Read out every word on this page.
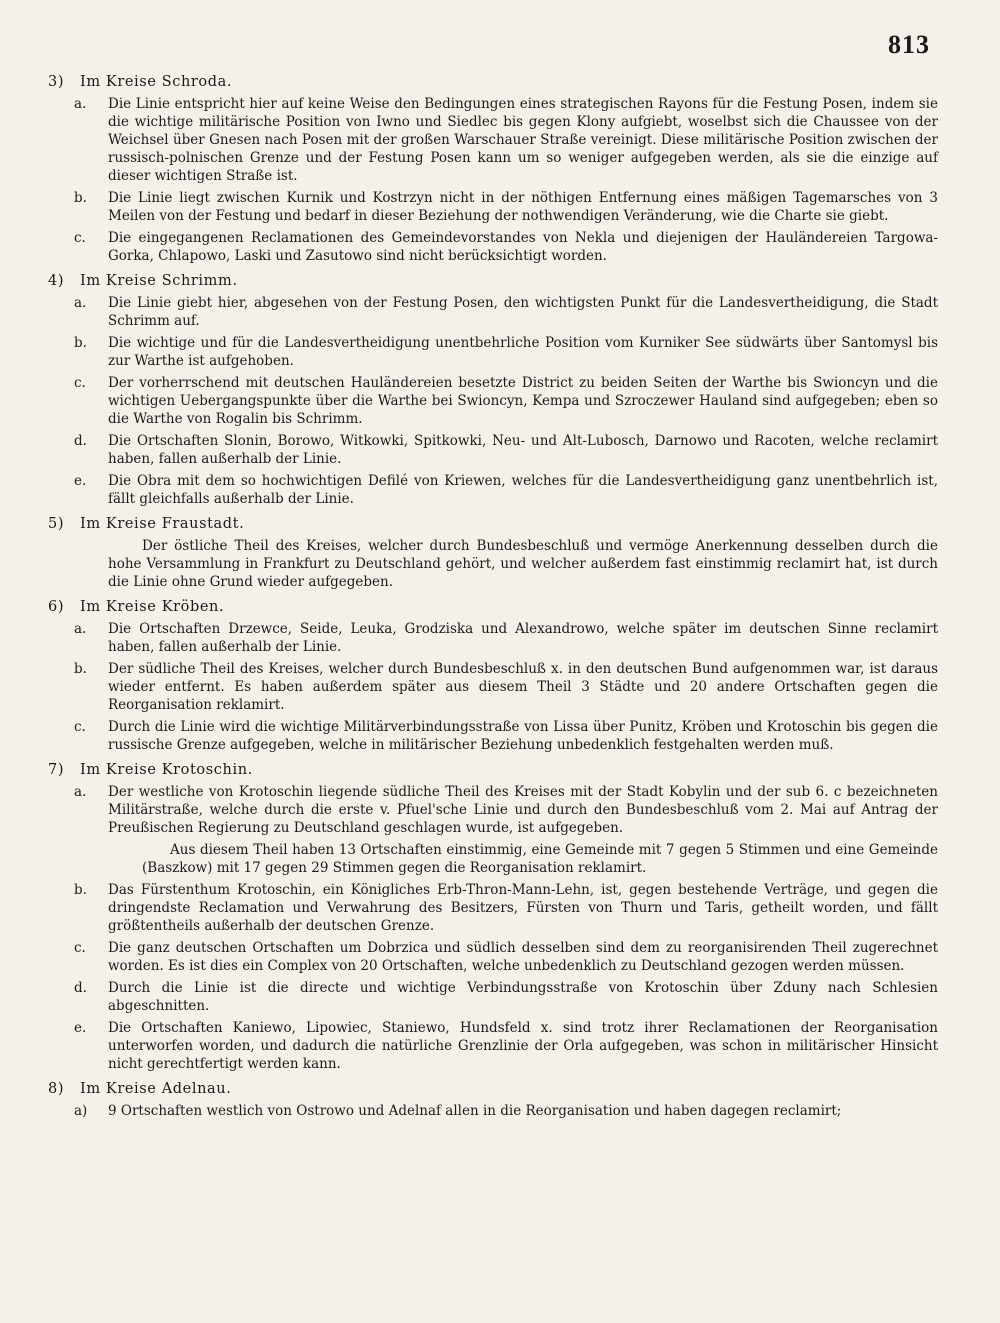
813
3) Im Kreise Schroda.
a.	Die Linie entspricht hier auf keine Weise den Bedingungen eines strategischen Rayons für die Festung Posen, indem sie die wichtige militärische Position von Iwno und Siedlec bis gegen Klony aufgiebt, woselbst sich die Chaussee von der Weichsel über Gnesen nach Posen mit der großen Warschauer Straße vereinigt. Diese militärische Position zwischen der russisch-polnischen Grenze und der Festung Posen kann um so weniger aufgegeben werden, als sie die einzige auf dieser wichtigen Straße ist.
b.	Die Linie liegt zwischen Kurnik und Kostrzyn nicht in der nöthigen Entfernung eines mäßigen Tagemarsches von 3 Meilen von der Festung und bedarf in dieser Beziehung der nothwendigen Veränderung, wie die Charte sie giebt.
c.	Die eingegangenen Reclamationen des Gemeindevorstandes von Nekla und diejenigen der Hauländereien Targowa-Gorka, Chlapowo, Laski und Zasutowo sind nicht berücksichtigt worden.
4) Im Kreise Schrimm.
a.	Die Linie giebt hier, abgesehen von der Festung Posen, den wichtigsten Punkt für die Landesvertheidigung, die Stadt Schrimm auf.
b.	Die wichtige und für die Landesvertheidigung unentbehrliche Position vom Kurniker See südwärts über Santomysl bis zur Warthe ist aufgehoben.
c.	Der vorherrschend mit deutschen Hauländereien besetzte District zu beiden Seiten der Warthe bis Swioncyn und die wichtigen Uebergangspunkte über die Warthe bei Swioncyn, Kempa und Szroczewer Hauland sind aufgegeben; eben so die Warthe von Rogalin bis Schrimm.
d.	Die Ortschaften Slonin, Borowo, Witkowki, Spitkowki, Neu- und Alt-Lubosch, Darnowo und Racoten, welche reclamirt haben, fallen außerhalb der Linie.
e.	Die Obra mit dem so hochwichtigen Defilé von Kriewen, welches für die Landesvertheidigung ganz unentbehrlich ist, fällt gleichfalls außerhalb der Linie.
5) Im Kreise Fraustadt.
Der östliche Theil des Kreises, welcher durch Bundesbeschluß und vermöge Anerkennung desselben durch die hohe Versammlung in Frankfurt zu Deutschland gehört, und welcher außerdem fast einstimmig reclamirt hat, ist durch die Linie ohne Grund wieder aufgegeben.
6) Im Kreise Kröben.
a.	Die Ortschaften Drzewce, Seide, Leuka, Grodziska und Alexandrowo, welche später im deutschen Sinne reclamirt haben, fallen außerhalb der Linie.
b.	Der südliche Theil des Kreises, welcher durch Bundesbeschluß x. in den deutschen Bund aufgenommen war, ist daraus wieder entfernt. Es haben außerdem später aus diesem Theil 3 Städte und 20 andere Ortschaften gegen die Reorganisation reklamirt.
c.	Durch die Linie wird die wichtige Militärverbindungsstraße von Lissa über Punitz, Kröben und Krotoschin bis gegen die russische Grenze aufgegeben, welche in militärischer Beziehung unbedenklich festgehalten werden muß.
7) Im Kreise Krotoschin.
a.	Der westliche von Krotoschin liegende südliche Theil des Kreises mit der Stadt Kobylin und der sub 6. c bezeichneten Militärstraße, welche durch die erste v. Pfuel'sche Linie und durch den Bundesbeschluß vom 2. Mai auf Antrag der Preußischen Regierung zu Deutschland geschlagen wurde, ist aufgegeben.
Aus diesem Theil haben 13 Ortschaften einstimmig, eine Gemeinde mit 7 gegen 5 Stimmen und eine Gemeinde (Baszkow) mit 17 gegen 29 Stimmen gegen die Reorganisation reklamirt.
b.	Das Fürstenthum Krotoschin, ein Königliches Erb-Thron-Mann-Lehn, ist, gegen bestehende Verträge, und gegen die dringendste Reclamation und Verwahrung des Besitzers, Fürsten von Thurn und Taris, getheilt worden, und fällt größtentheils außerhalb der deutschen Grenze.
c.	Die ganz deutschen Ortschaften um Dobrzica und südlich desselben sind dem zu reorganisirenden Theil zugerechnet worden. Es ist dies ein Complex von 20 Ortschaften, welche unbedenklich zu Deutschland gezogen werden müssen.
d.	Durch die Linie ist die directe und wichtige Verbindungsstraße von Krotoschin über Zduny nach Schlesien abgeschnitten.
e.	Die Ortschaften Kaniewo, Lipowiec, Staniewo, Hundsfeld x. sind trotz ihrer Reclamationen der Reorganisation unterworfen worden, und dadurch die natürliche Grenzlinie der Orla aufgegeben, was schon in militärischer Hinsicht nicht gerechtfertigt werden kann.
8) Im Kreise Adelnau.
a)	9 Ortschaften westlich von Ostrowo und Adelnaf allen in die Reorganisation und haben dagegen reclamirt;
